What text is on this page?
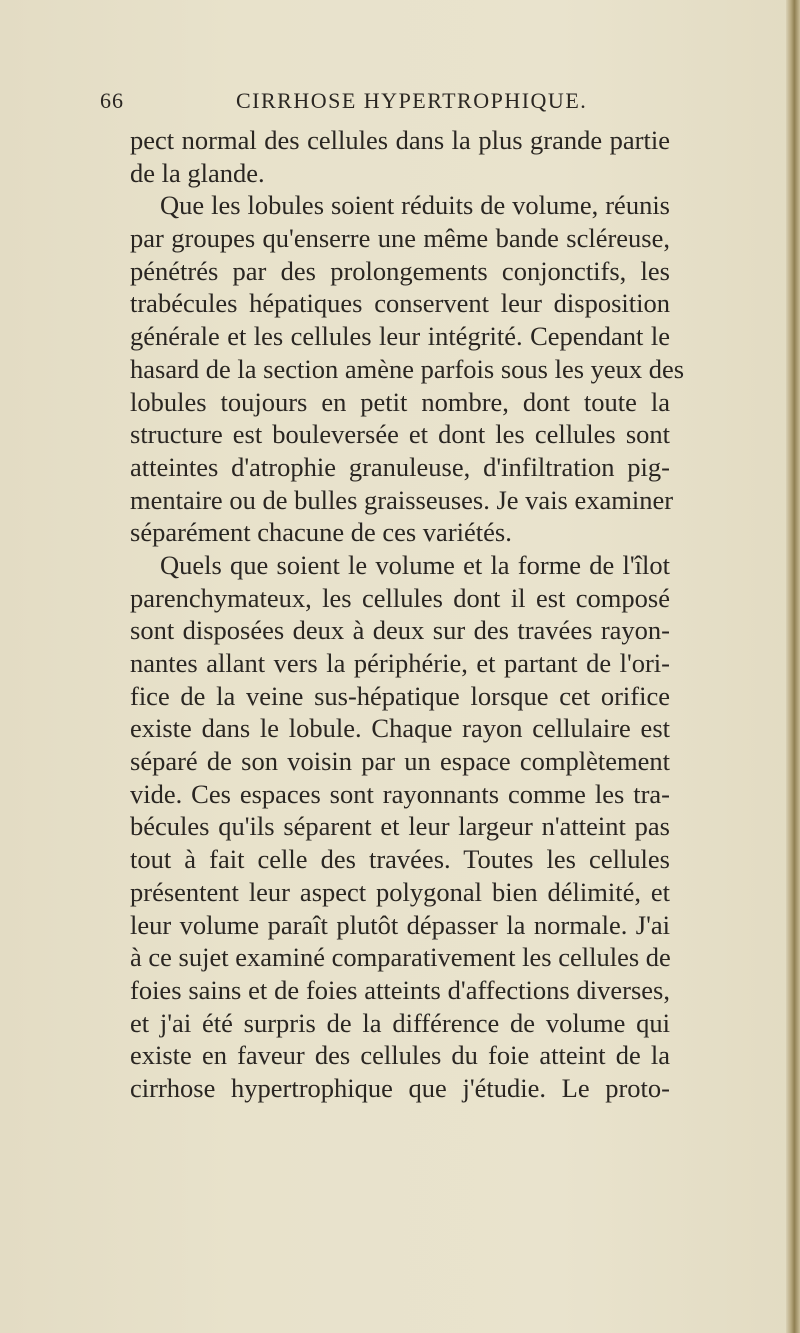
66	CIRRHOSE HYPERTROPHIQUE.
pect normal des cellules dans la plus grande partie
de la glande.
Que les lobules soient réduits de volume, réunis
par groupes qu'enserre une même bande scléreuse,
pénétrés par des prolongements conjonctifs, les
trabécules hépatiques conservent leur disposition
générale et les cellules leur intégrité. Cependant le
hasard de la section amène parfois sous les yeux des
lobules toujours en petit nombre, dont toute la
structure est bouleversée et dont les cellules sont
atteintes d'atrophie granuleuse, d'infiltration pig-
mentaire ou de bulles graisseuses. Je vais examiner
séparément chacune de ces variétés.
Quels que soient le volume et la forme de l'îlot
parenchymateux, les cellules dont il est composé
sont disposées deux à deux sur des travées rayon-
nantes allant vers la périphérie, et partant de l'ori-
fice de la veine sus-hépatique lorsque cet orifice
existe dans le lobule. Chaque rayon cellulaire est
séparé de son voisin par un espace complètement
vide. Ces espaces sont rayonnants comme les tra-
bécules qu'ils séparent et leur largeur n'atteint pas
tout à fait celle des travées. Toutes les cellules
présentent leur aspect polygonal bien délimité, et
leur volume paraît plutôt dépasser la normale. J'ai
à ce sujet examiné comparativement les cellules de
foies sains et de foies atteints d'affections diverses,
et j'ai été surpris de la différence de volume qui
existe en faveur des cellules du foie atteint de la
cirrhose hypertrophique que j'étudie. Le proto-
